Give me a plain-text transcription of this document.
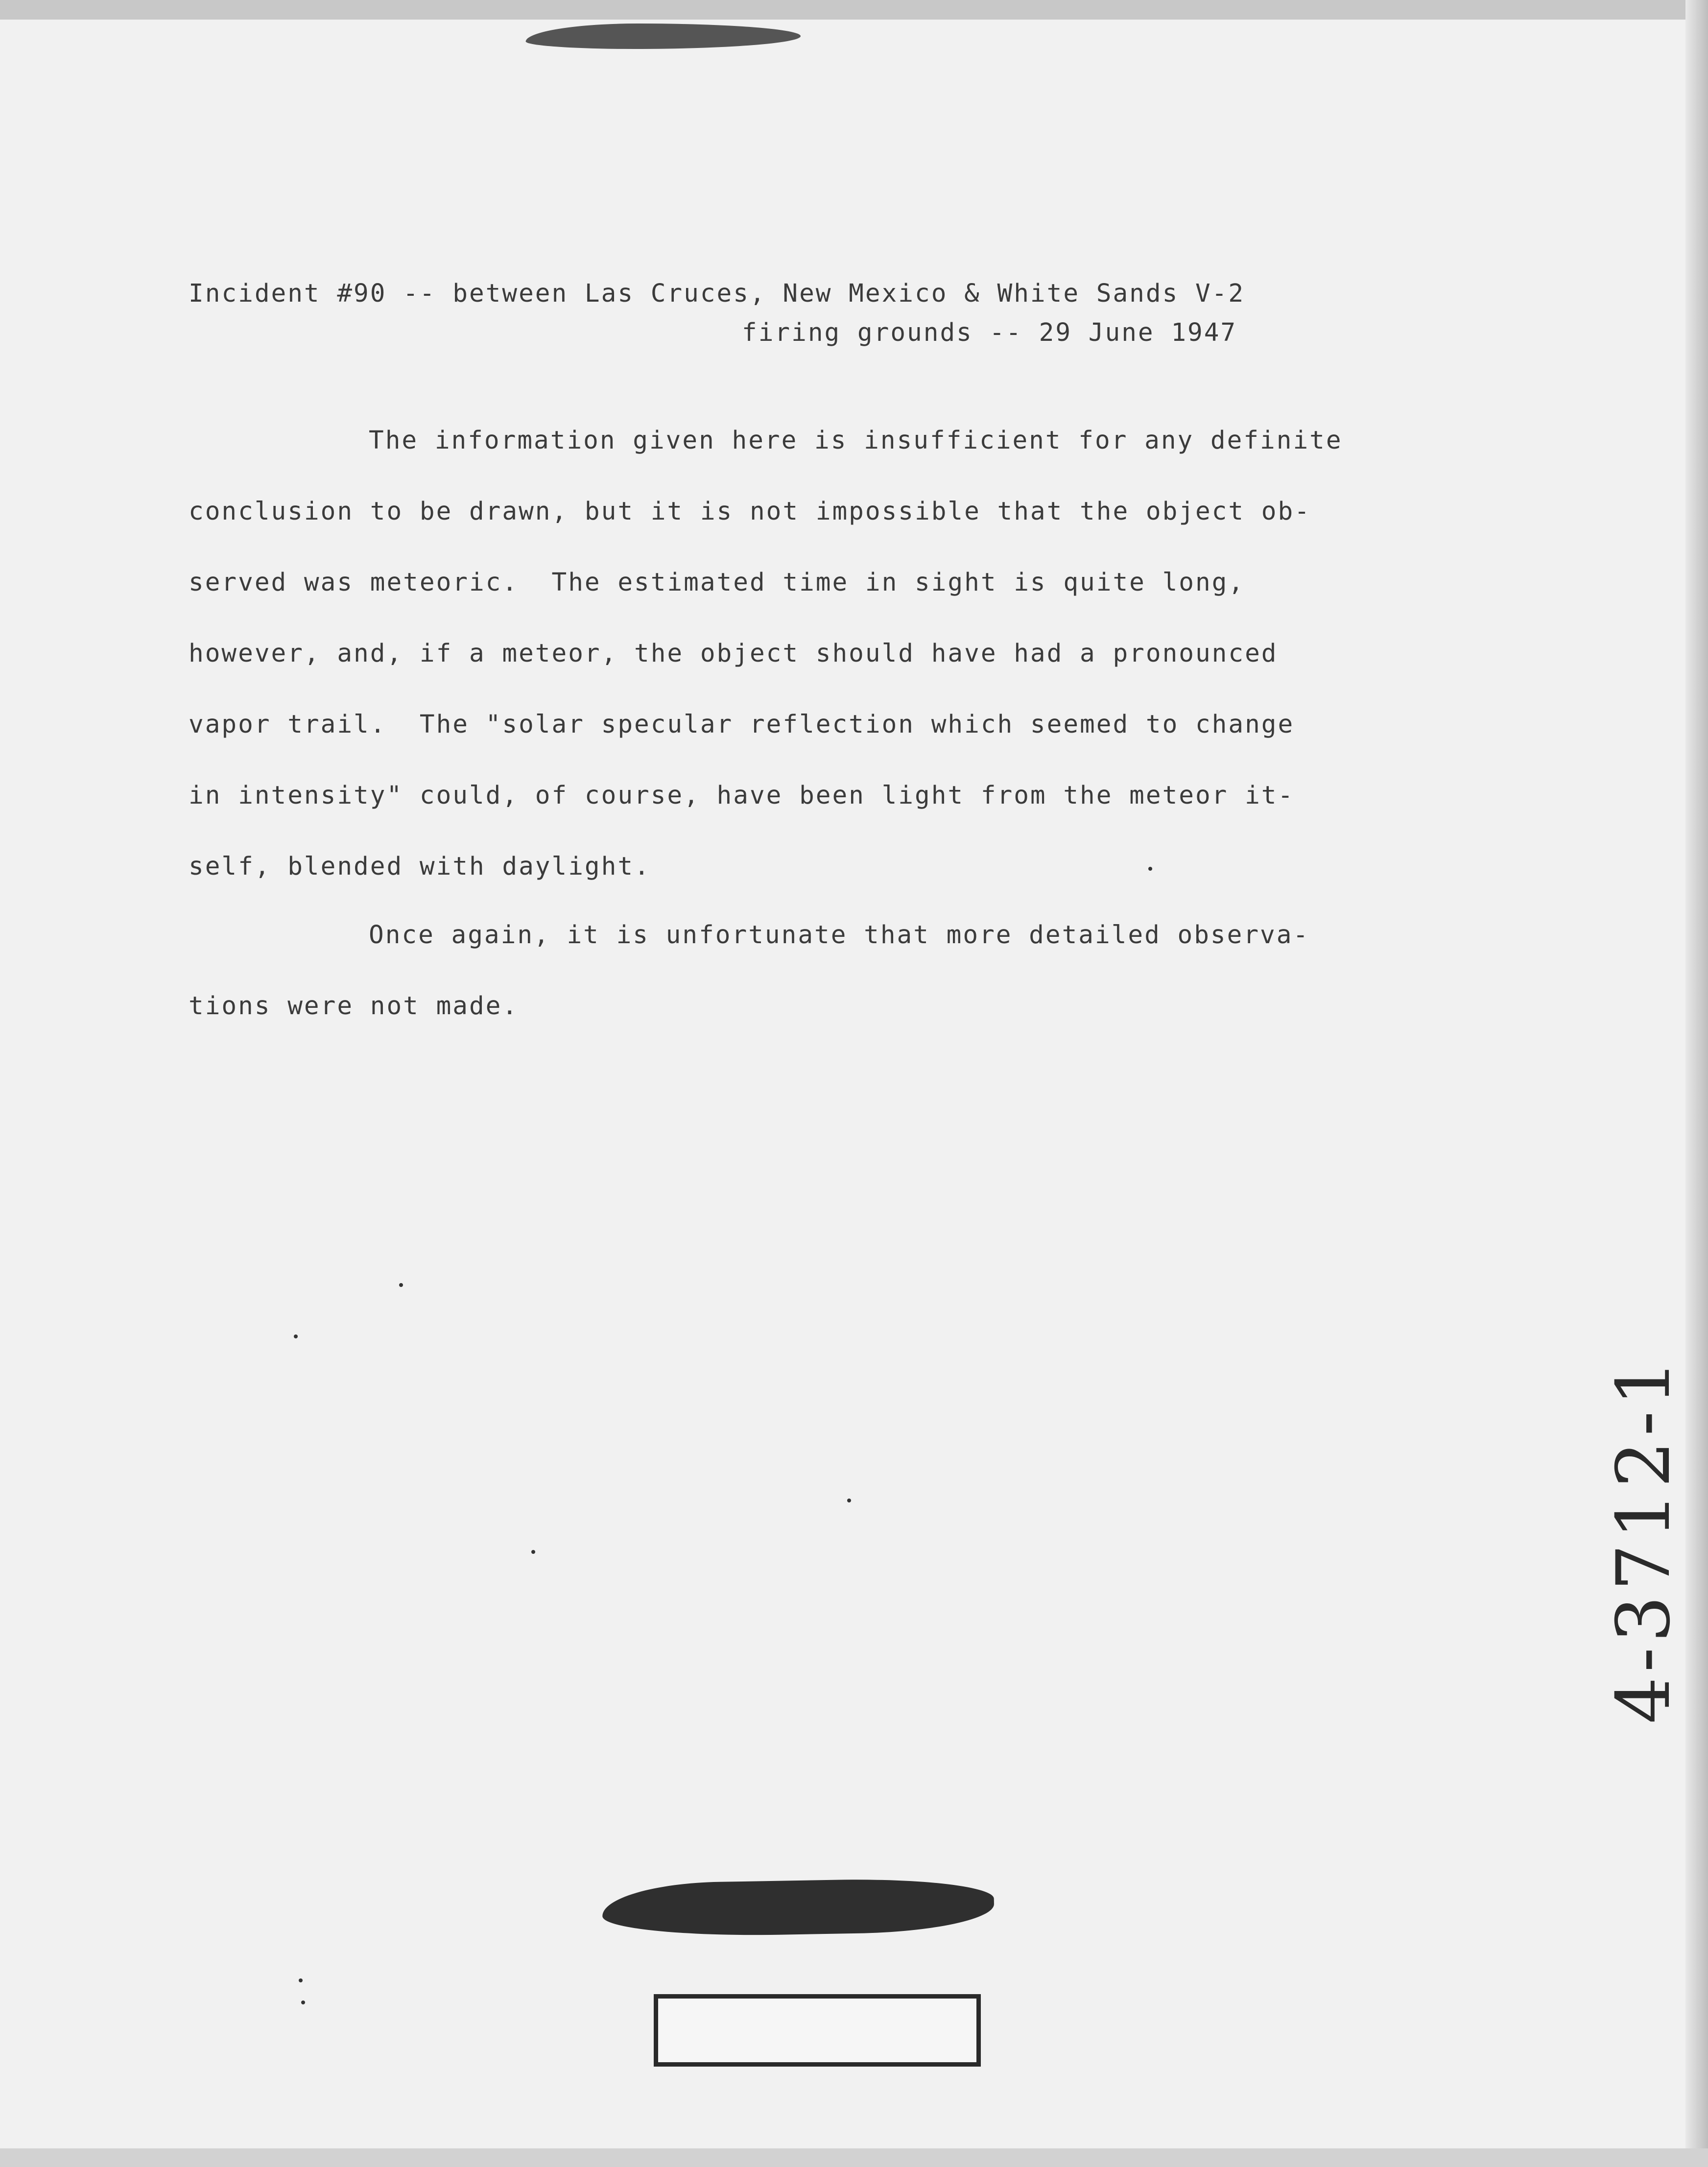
Incident #90 -- between Las Cruces, New Mexico & White Sands V-2

firing grounds -- 29 June 1947

The information given here is insufficient for any definite

conclusion to be drawn, but it is not impossible that the object ob-

served was meteoric.  The estimated time in sight is quite long,

however, and, if a meteor, the object should have had a pronounced

vapor trail.  The "solar specular reflection which seemed to change

in intensity" could, of course, have been light from the meteor it-

self, blended with daylight.

Once again, it is unfortunate that more detailed observa-

tions were not made.

4-3712-1
